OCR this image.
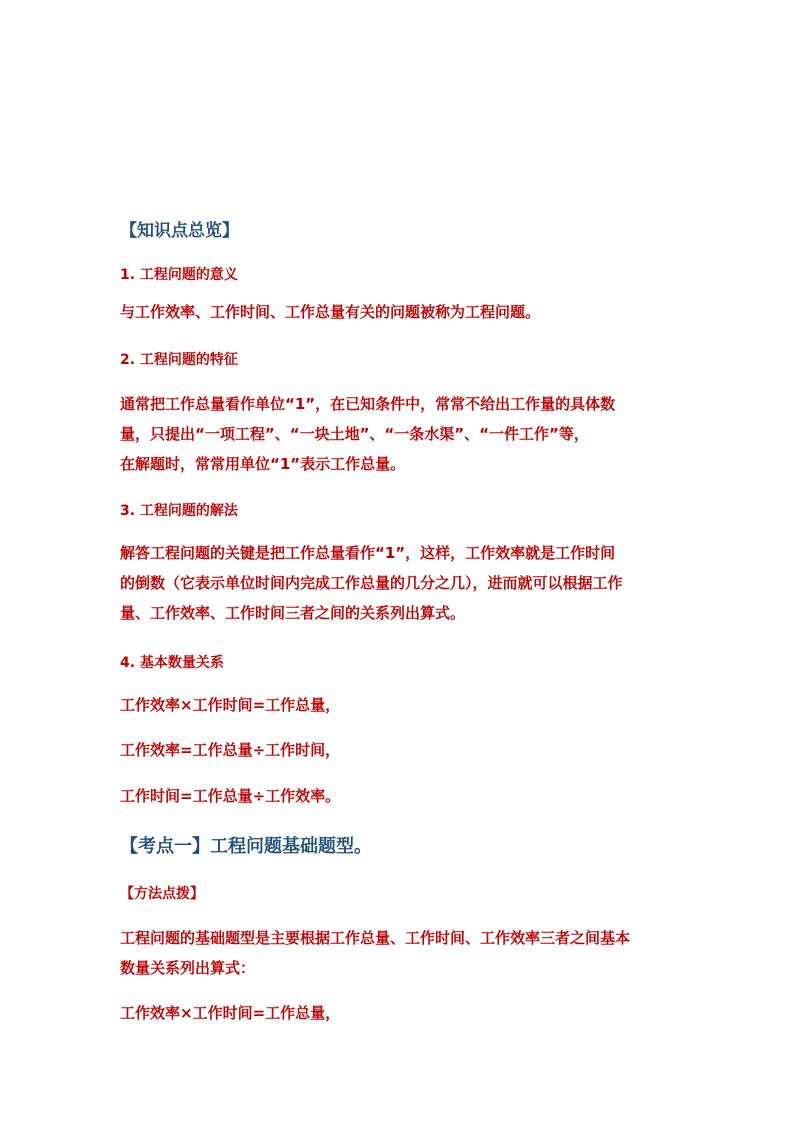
【知识点总览】

1. 工程问题的意义

与工作效率、工作时间、工作总量有关的问题被称为工程问题。

2. 工程问题的特征

通常把工作总量看作单位“1”，在已知条件中，常常不给出工作量的具体数

量，只提出“一项工程”、“一块土地”、“一条水渠”、“一件工作”等，

在解题时，常常用单位“1”表示工作总量。

3. 工程问题的解法

解答工程问题的关键是把工作总量看作“1”，这样，工作效率就是工作时间

的倒数（它表示单位时间内完成工作总量的几分之几），进而就可以根据工作

量、工作效率、工作时间三者之间的关系列出算式。

4. 基本数量关系

工作效率×工作时间=工作总量，

工作效率=工作总量÷工作时间，

工作时间=工作总量÷工作效率。

【考点一】工程问题基础题型。

【方法点拨】

工程问题的基础题型是主要根据工作总量、工作时间、工作效率三者之间基本

数量关系列出算式：

工作效率×工作时间=工作总量，
